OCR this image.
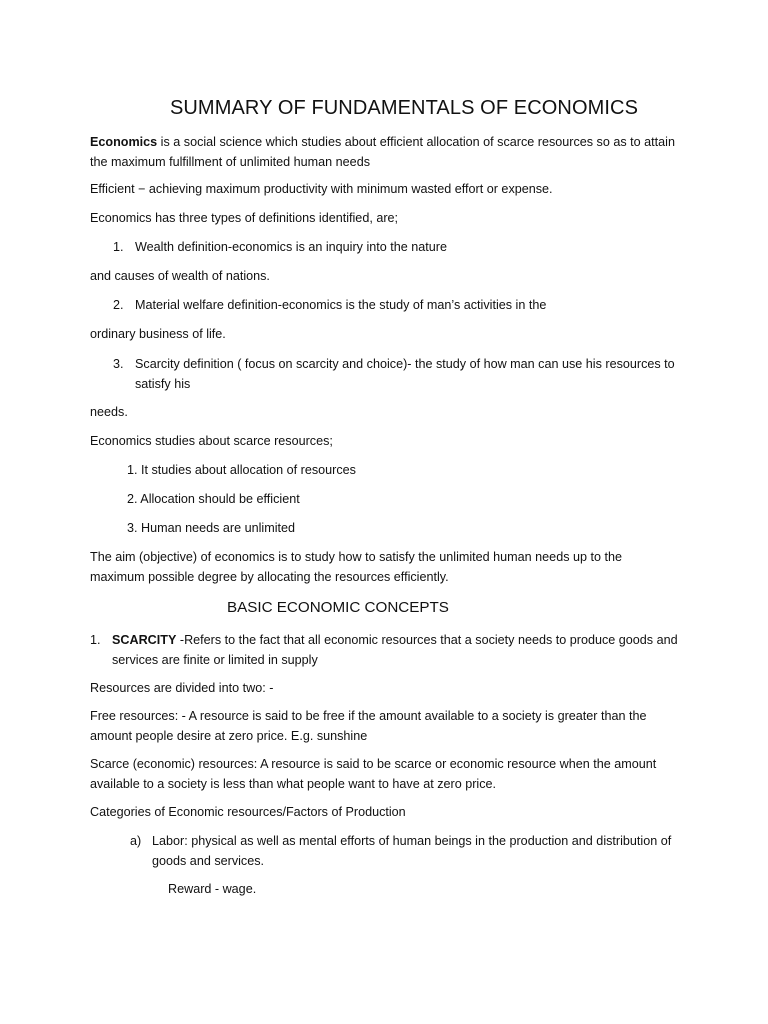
SUMMARY OF FUNDAMENTALS OF ECONOMICS

Economics is a social science which studies about efficient allocation of scarce resources so as to attain the maximum fulfillment of unlimited human needs

Efficient − achieving maximum productivity with minimum wasted effort or expense.

Economics has three types of definitions identified, are;

1. Wealth definition-economics is an inquiry into the nature

and causes of wealth of nations.

2. Material welfare definition-economics is the study of man’s activities in the

ordinary business of life.

3. Scarcity definition ( focus on scarcity and choice)- the study of how man can use his resources to satisfy his

needs.

Economics studies about scarce resources;

1. It studies about allocation of resources
2. Allocation should be efficient
3. Human needs are unlimited

The aim (objective) of economics is to study how to satisfy the unlimited human needs up to the maximum possible degree by allocating the resources efficiently.

BASIC ECONOMIC CONCEPTS
1. SCARCITY -Refers to the fact that all economic resources that a society needs to produce goods and services are finite or limited in supply

Resources are divided into two: -

Free resources: - A resource is said to be free if the amount available to a society is greater than the amount people desire at zero price. E.g. sunshine

Scarce (economic) resources: A resource is said to be scarce or economic resource when the amount available to a society is less than what people want to have at zero price.

Categories of Economic resources/Factors of Production

a) Labor: physical as well as mental efforts of human beings in the production and distribution of goods and services.
Reward - wage.
